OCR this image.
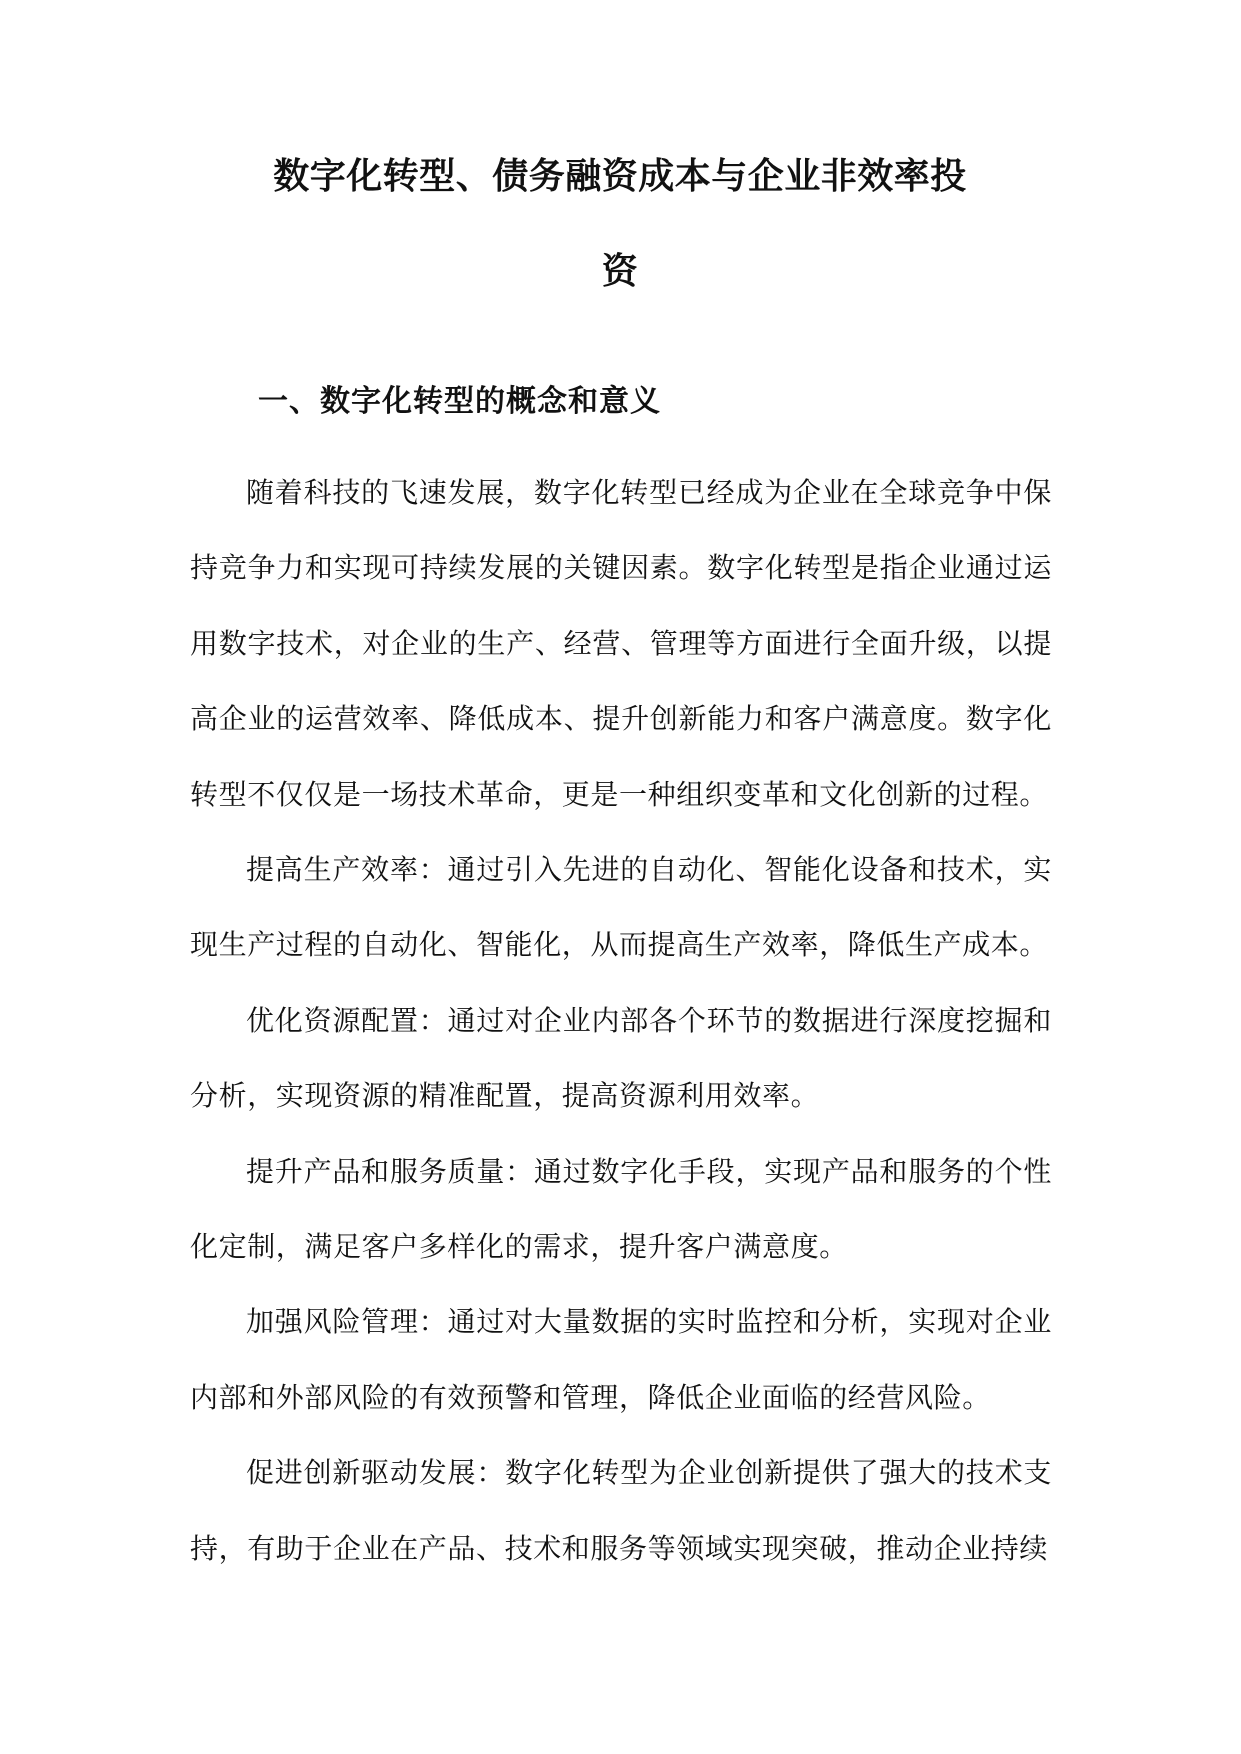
数字化转型、债务融资成本与企业非效率投
资
一、数字化转型的概念和意义

随着科技的飞速发展，数字化转型已经成为企业在全球竞争中保持竞争力和实现可持续发展的关键因素。数字化转型是指企业通过运用数字技术，对企业的生产、经营、管理等方面进行全面升级，以提高企业的运营效率、降低成本、提升创新能力和客户满意度。数字化转型不仅仅是一场技术革命，更是一种组织变革和文化创新的过程。

提高生产效率：通过引入先进的自动化、智能化设备和技术，实现生产过程的自动化、智能化，从而提高生产效率，降低生产成本。

优化资源配置：通过对企业内部各个环节的数据进行深度挖掘和分析，实现资源的精准配置，提高资源利用效率。

提升产品和服务质量：通过数字化手段，实现产品和服务的个性化定制，满足客户多样化的需求，提升客户满意度。

加强风险管理：通过对大量数据的实时监控和分析，实现对企业内部和外部风险的有效预警和管理，降低企业面临的经营风险。

促进创新驱动发展：数字化转型为企业创新提供了强大的技术支持，有助于企业在产品、技术和服务等领域实现突破，推动企业持续
